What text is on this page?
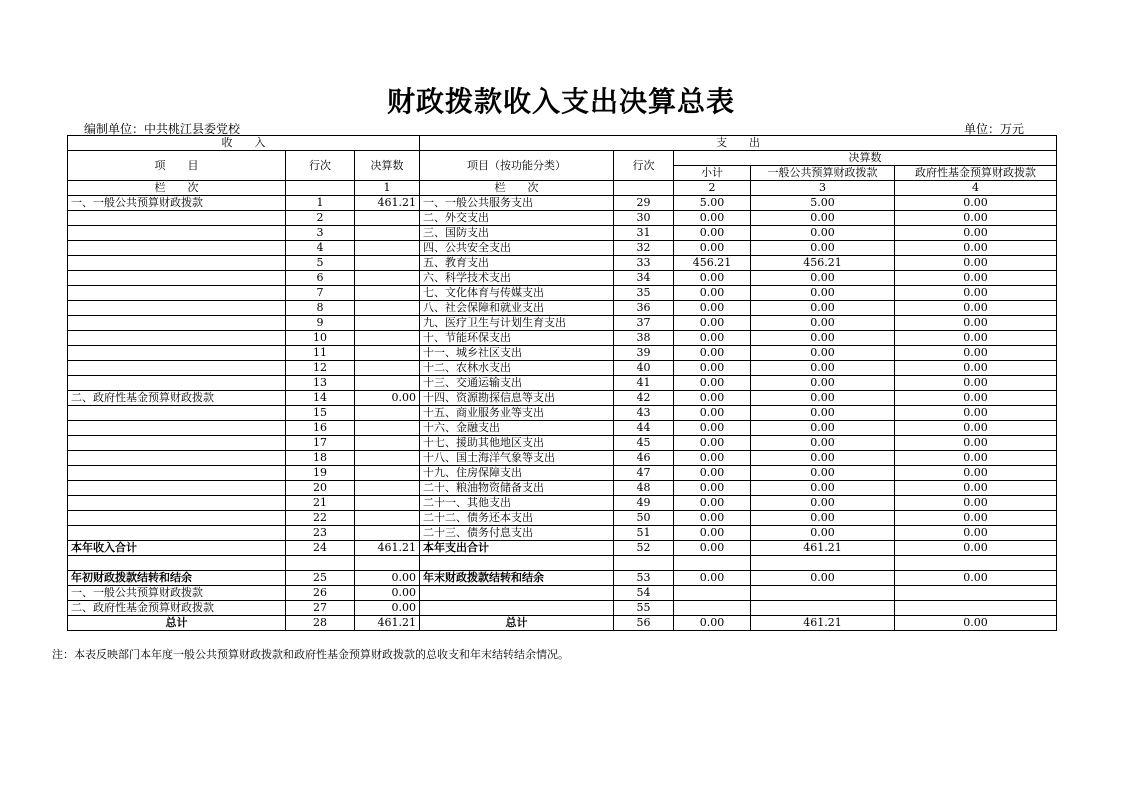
财政拨款收入支出决算总表
编制单位：中共桃江县委党校	单位：万元
收　　入			支　　出				
项　　目	行次	决算数	项目（按功能分类）	行次	决算数		
					小计	一般公共预算财政拨款	政府性基金预算财政拨款
栏　　次		1	栏　　次		2	3	4
一、一般公共预算财政拨款	1	461.21	一、一般公共服务支出	29	5.00	5.00	0.00
	2		二、外交支出	30	0.00	0.00	0.00
	3		三、国防支出	31	0.00	0.00	0.00
	4		四、公共安全支出	32	0.00	0.00	0.00
	5		五、教育支出	33	456.21	456.21	0.00
	6		六、科学技术支出	34	0.00	0.00	0.00
	7		七、文化体育与传媒支出	35	0.00	0.00	0.00
	8		八、社会保障和就业支出	36	0.00	0.00	0.00
	9		九、医疗卫生与计划生育支出	37	0.00	0.00	0.00
	10		十、节能环保支出	38	0.00	0.00	0.00
	11		十一、城乡社区支出	39	0.00	0.00	0.00
	12		十二、农林水支出	40	0.00	0.00	0.00
	13		十三、交通运输支出	41	0.00	0.00	0.00
二、政府性基金预算财政拨款	14	0.00	十四、资源勘探信息等支出	42	0.00	0.00	0.00
	15		十五、商业服务业等支出	43	0.00	0.00	0.00
	16		十六、金融支出	44	0.00	0.00	0.00
	17		十七、援助其他地区支出	45	0.00	0.00	0.00
	18		十八、国土海洋气象等支出	46	0.00	0.00	0.00
	19		十九、住房保障支出	47	0.00	0.00	0.00
	20		二十、粮油物资储备支出	48	0.00	0.00	0.00
	21		二十一、其他支出	49	0.00	0.00	0.00
	22		二十二、债务还本支出	50	0.00	0.00	0.00
	23		二十三、债务付息支出	51	0.00	0.00	0.00
本年收入合计	24	461.21	本年支出合计	52	0.00	461.21	0.00

年初财政拨款结转和结余	25	0.00	年末财政拨款结转和结余	53	0.00	0.00	0.00
一、一般公共预算财政拨款	26	0.00		54			
二、政府性基金预算财政拨款	27	0.00		55			
总计	28	461.21	总计	56	0.00	461.21	0.00
注：本表反映部门本年度一般公共预算财政拨款和政府性基金预算财政拨款的总收支和年末结转结余情况。
